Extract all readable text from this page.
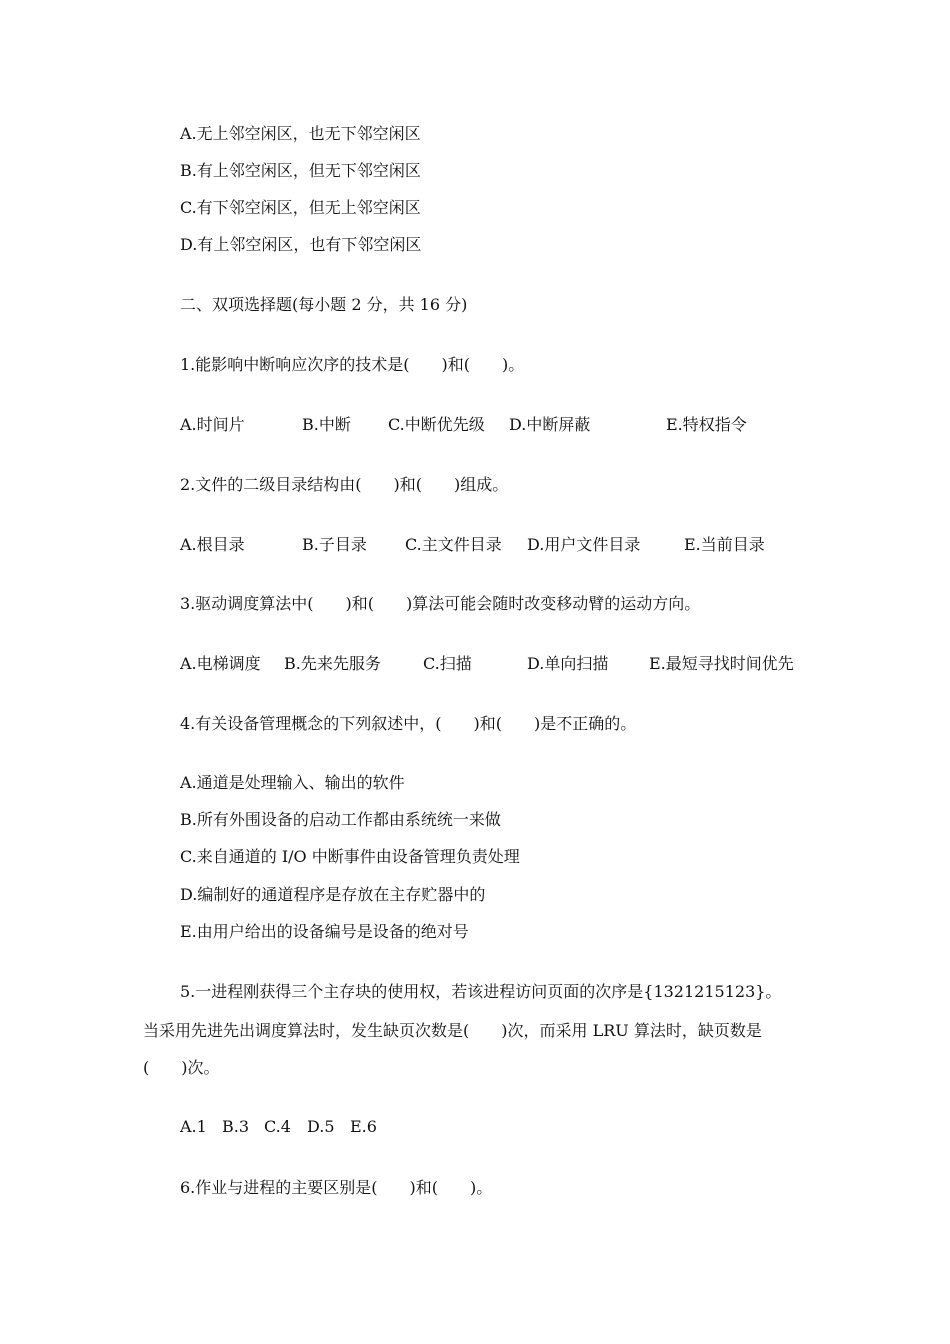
A.无上邻空闲区，也无下邻空闲区
B.有上邻空闲区，但无下邻空闲区
C.有下邻空闲区，但无上邻空闲区
D.有上邻空闲区，也有下邻空闲区
二、双项选择题(每小题 2 分，共 16 分)
1.能影响中断响应次序的技术是(　　)和(　　)。
A.时间片	B.中断 C.中断优先级 D.中断屏蔽	E.特权指令
2.文件的二级目录结构由(　　)和(　　)组成。
A.根目录	B.子目录 C.主文件目录 D.用户文件目录	E.当前目录
3.驱动调度算法中(　　)和(　　)算法可能会随时改变移动臂的运动方向。
A.电梯调度 B.先来先服务	C.扫描	D.单向扫描	E.最短寻找时间优先
4.有关设备管理概念的下列叙述中，(　　)和(　　)是不正确的。
A.通道是处理输入、输出的软件
B.所有外围设备的启动工作都由系统统一来做
C.来自通道的 I/O 中断事件由设备管理负责处理
D.编制好的通道程序是存放在主存贮器中的
E.由用户给出的设备编号是设备的绝对号
5.一进程刚获得三个主存块的使用权，若该进程访问页面的次序是{1321215123}。
当采用先进先出调度算法时，发生缺页次数是(　　)次，而采用 LRU 算法时，缺页数是
(　　)次。
A.1 B.3 C.4 D.5 E.6
6.作业与进程的主要区别是(　　)和(　　)。
